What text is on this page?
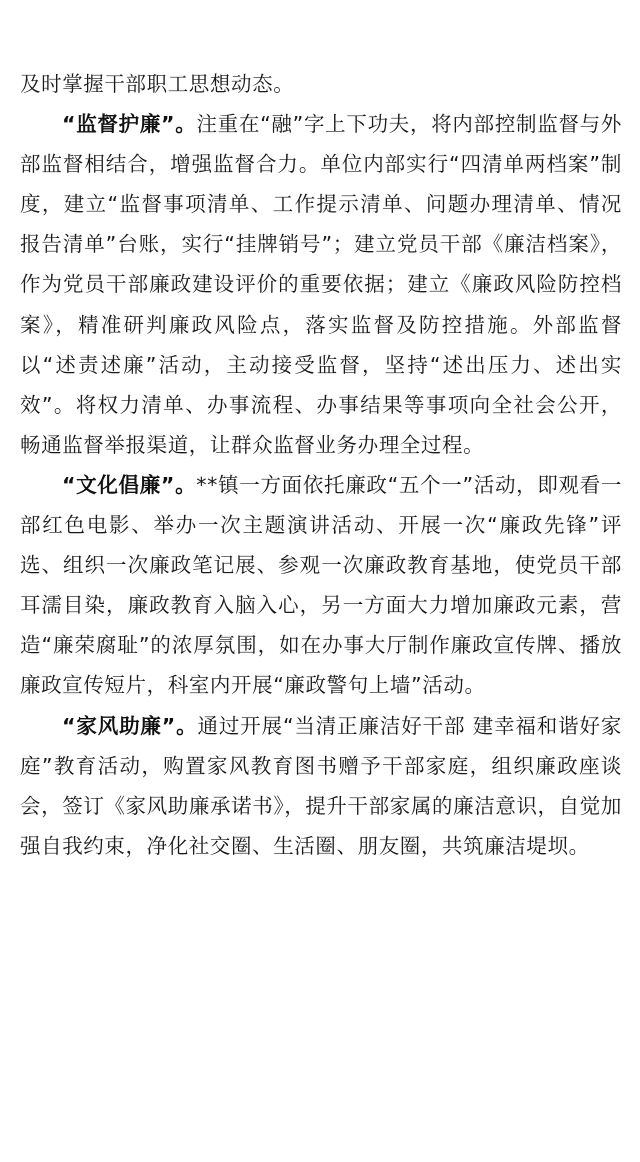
及时掌握干部职工思想动态。

“监督护廉”。注重在“融”字上下功夫，将内部控制监督与外部监督相结合，增强监督合力。单位内部实行“四清单两档案”制度，建立“监督事项清单、工作提示清单、问题办理清单、情况报告清单”台账，实行“挂牌销号”；建立党员干部《廉洁档案》，作为党员干部廉政建设评价的重要依据；建立《廉政风险防控档案》，精准研判廉政风险点，落实监督及防控措施。外部监督以“述责述廉”活动，主动接受监督，坚持“述出压力、述出实效”。将权力清单、办事流程、办事结果等事项向全社会公开，畅通监督举报渠道，让群众监督业务办理全过程。

“文化倡廉”。**镇一方面依托廉政“五个一”活动，即观看一部红色电影、举办一次主题演讲活动、开展一次“廉政先锋”评选、组织一次廉政笔记展、参观一次廉政教育基地，使党员干部耳濡目染，廉政教育入脑入心，另一方面大力增加廉政元素，营造“廉荣腐耻”的浓厚氛围，如在办事大厅制作廉政宣传牌、播放廉政宣传短片，科室内开展“廉政警句上墙”活动。

“家风助廉”。通过开展“当清正廉洁好干部 建幸福和谐好家庭”教育活动，购置家风教育图书赠予干部家庭，组织廉政座谈会，签订《家风助廉承诺书》，提升干部家属的廉洁意识，自觉加强自我约束，净化社交圈、生活圈、朋友圈，共筑廉洁堤坝。
